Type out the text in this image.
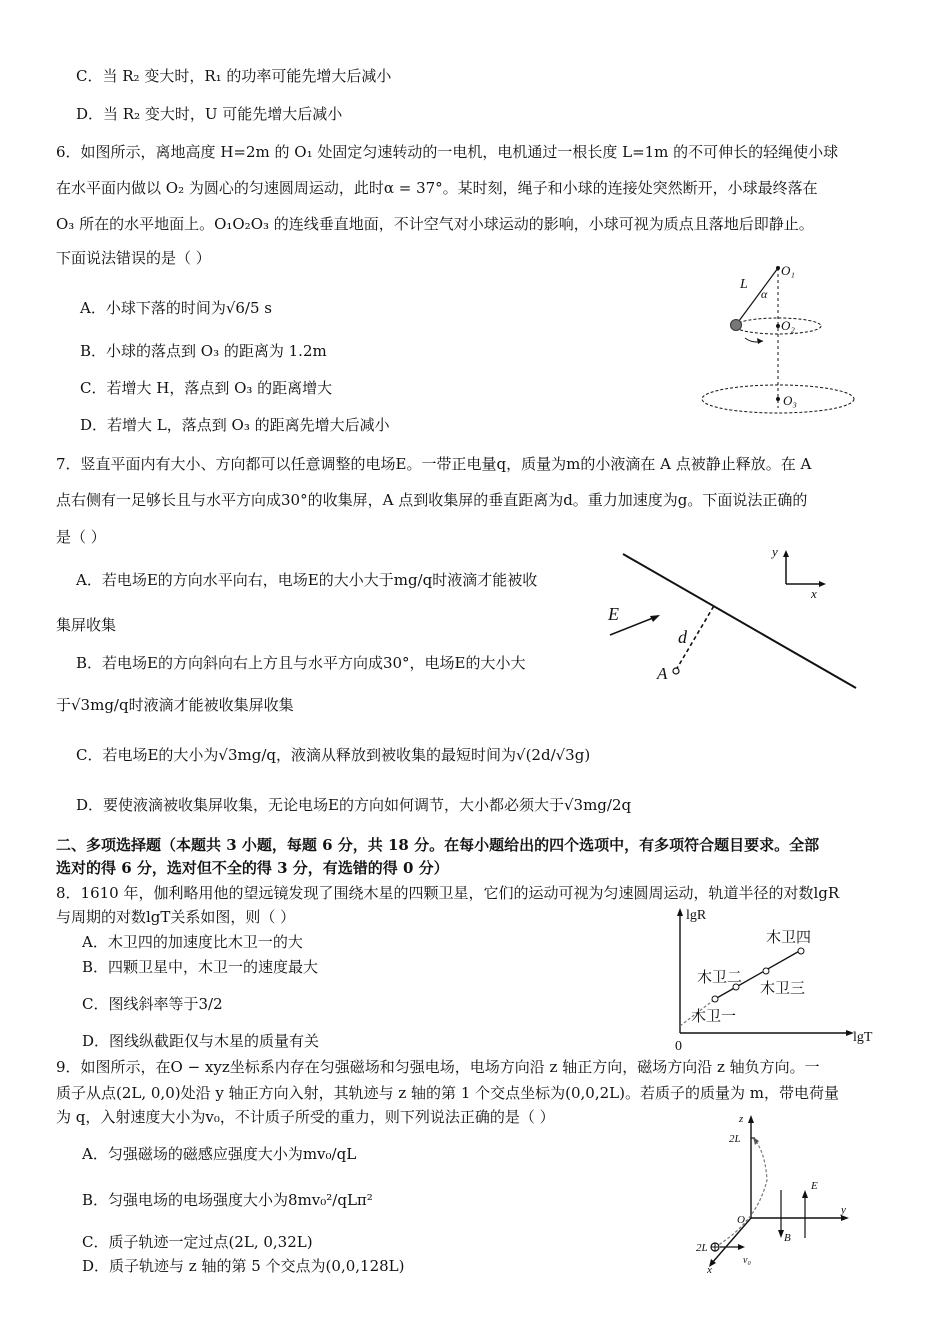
C．当 R₂ 变大时，R₁ 的功率可能先增大后减小
D．当 R₂ 变大时，U 可能先增大后减小
6．如图所示，离地高度 H=2m 的 O₁ 处固定匀速转动的一电机，电机通过一根长度 L=1m 的不可伸长的轻绳使小球
在水平面内做以 O₂ 为圆心的匀速圆周运动，此时α = 37°。某时刻，绳子和小球的连接处突然断开，小球最终落在
O₃ 所在的水平地面上。O₁O₂O₃ 的连线垂直地面，不计空气对小球运动的影响，小球可视为质点且落地后即静止。
下面说法错误的是（ ）
A．小球下落的时间为√6/5 s
B．小球的落点到 O₃ 的距离为 1.2m
C．若增大 H，落点到 O₃ 的距离增大
D．若增大 L，落点到 O₃ 的距离先增大后减小
L
α
O₁
O₂
O₃
7．竖直平面内有大小、方向都可以任意调整的电场E。一带正电量q，质量为m的小液滴在 A 点被静止释放。在 A
点右侧有一足够长且与水平方向成30°的收集屏，A 点到收集屏的垂直距离为d。重力加速度为g。下面说法正确的
是（ ）
A．若电场E的方向水平向右，电场E的大小大于mg/q时液滴才能被收
集屏收集
B．若电场E的方向斜向右上方且与水平方向成30°，电场E的大小大
于√3mg/q时液滴才能被收集屏收集
C．若电场E的大小为√3mg/q，液滴从释放到被收集的最短时间为√(2d/√3g)
D．要使液滴被收集屏收集，无论电场E的方向如何调节，大小都必须大于√3mg/2q
E
d
A
x
y
二、多项选择题（本题共 3 小题，每题 6 分，共 18 分。在每小题给出的四个选项中，有多项符合题目要求。全部
选对的得 6 分，选对但不全的得 3 分，有选错的得 0 分）
8．1610 年，伽利略用他的望远镜发现了围绕木星的四颗卫星，它们的运动可视为匀速圆周运动，轨道半径的对数lgR
与周期的对数lgT关系如图，则（ ）
A．木卫四的加速度比木卫一的大
B．四颗卫星中，木卫一的速度最大
C．图线斜率等于3/2
D．图线纵截距仅与木星的质量有关
lgR
lgT
0
木卫四
木卫二
木卫三
木卫一
9．如图所示，在O − xyz坐标系内存在匀强磁场和匀强电场，电场方向沿 z 轴正方向，磁场方向沿 z 轴负方向。一
质子从点(2L, 0,0)处沿 y 轴正方向入射，其轨迹与 z 轴的第 1 个交点坐标为(0,0,2L)。若质子的质量为 m，带电荷量
为 q，入射速度大小为v₀，不计质子所受的重力，则下列说法正确的是（ ）
A．匀强磁场的磁感应强度大小为mv₀/qL
B．匀强电场的电场强度大小为8mv₀²/qLπ²
C．质子轨迹一定过点(2L, 0,32L)
D．质子轨迹与 z 轴的第 5 个交点为(0,0,128L)
z
y
x
O
E
B
v₀
2L
2L
